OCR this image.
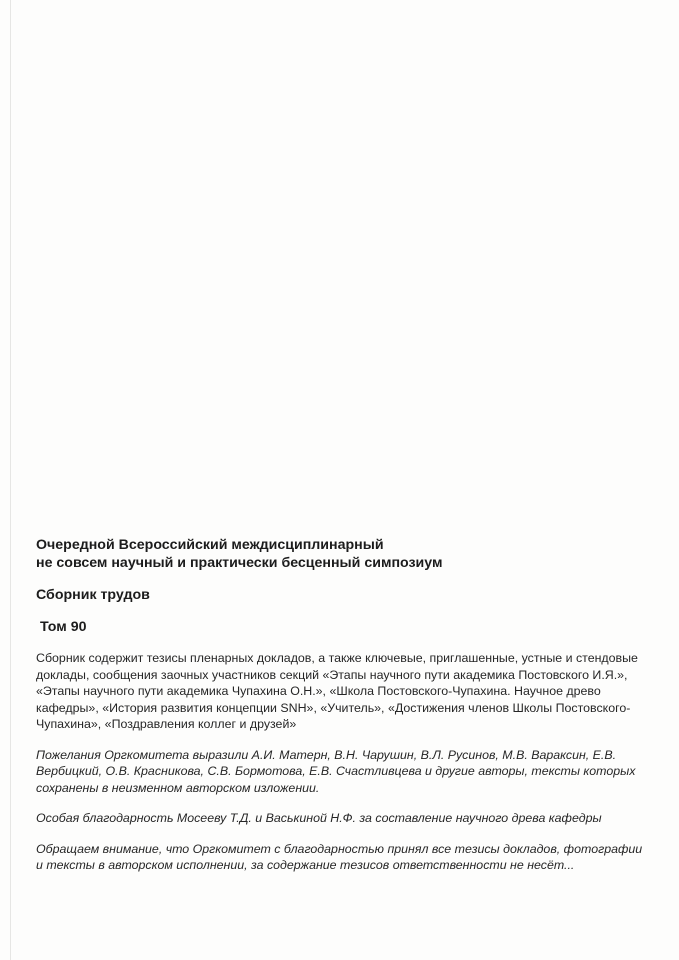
Очередной Всероссийский междисциплинарный

не совсем научный и практически бесценный симпозиум

Сборник трудов

Том 90

Сборник содержит тезисы пленарных докладов, а также ключевые, приглашенные, устные и стендовые доклады, сообщения заочных участников секций «Этапы научного пути академика Постовского И.Я.», «Этапы научного пути академика Чупахина О.Н.», «Школа Постовского-Чупахина. Научное древо кафедры», «История развития концепции SNH», «Учитель», «Достижения членов Школы Постовского-Чупахина», «Поздравления коллег и друзей»

Пожелания Оргкомитета выразили А.И. Матерн, В.Н. Чарушин, В.Л. Русинов, М.В. Вараксин, Е.В. Вербицкий, О.В. Красникова, С.В. Бормотова, Е.В. Счастливцева и другие авторы, тексты которых сохранены в неизменном авторском изложении.

Особая благодарность Мосееву Т.Д. и Васькиной Н.Ф. за составление научного древа кафедры

Обращаем внимание, что Оргкомитет с благодарностью принял все тезисы докладов, фотографии и тексты в авторском исполнении, за содержание тезисов ответственности не несёт...
